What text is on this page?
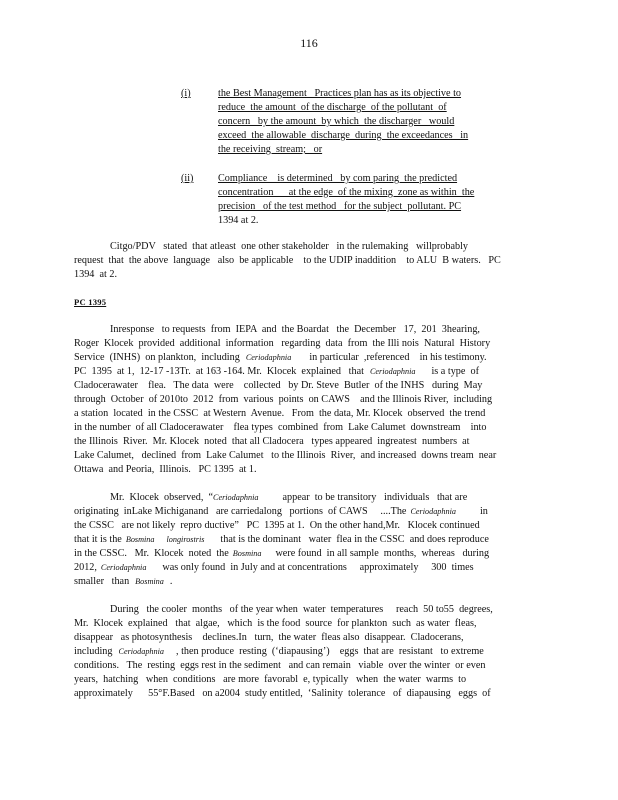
116
(i)	the Best Management   Practices plan has as its objective to
reduce  the amount  of the discharge  of the pollutant  of
concern   by the amount  by which  the discharger   would
exceed  the allowable  discharge  during  the exceedances   in
the receiving  stream;   or
(ii) Compliance    is determined   by com paring  the predicted
concentration      at the edge  of the mixing  zone as within  the
precision   of the test method   for the subject  pollutant. PC
1394 at 2.
Citgo/PDV   stated  that atleast  one other stakeholder   in the rulemaking   willprobably
request  that  the above  language   also  be applicable    to the UDIP inaddition    to ALU  B waters.   PC
1394  at 2.
PC 1395
Inresponse   to requests  from  IEPA  and  the Boardat   the  December   17,  201  3hearing,
Roger  Klocek  provided  additional  information   regarding  data  from  the Illi nois  Natural  History
Service  (INHS)  on plankton,  including Ceriodaphnia in particular  ,referenced    in his testimony.
PC  1395  at 1,  12-17 -13Tr.  at 163 -164. Mr.  Klocek  explained   that Ceriodaphnia is a type  of
Cladocerawater    flea.   The data  were    collected   by Dr. Steve  Butler  of the INHS   during  May
through  October  of 2010to  2012  from  various  points  on CAWS    and the Illinois River,  including
a station  located  in the CSSC  at Western  Avenue.   From  the data, Mr. Klocek  observed  the trend
in the number  of all Cladocerawater    flea types  combined  from  Lake Calumet  downstream    into
the Illinois  River.  Mr. Klocek  noted  that all Cladocera   types appeared  ingreatest  numbers  at
Lake Calumet,   declined  from  Lake Calumet   to the Illinois  River,  and increased  downs tream  near
Ottawa  and Peoria,  Illinois.   PC 1395  at 1.
Mr.  Klocek  observed,  “Ceriodaphnia appear  to be transitory   individuals   that are
originating  inLake Michiganand   are carriedalong   portions  of CAWS     ....The Ceriodaphnia in
the CSSC   are not likely  repro ductive”   PC  1395 at 1.  On the other hand,Mr.   Klocek continued
that it is the Bosmina longirostris that is the dominant   water  flea in the CSSC  and does reproduce
in the CSSC.   Mr.  Klocek  noted  the Bosmina were found  in all sample  months,  whereas   during
2012, Ceriodaphnia was only found  in July and at concentrations     approximately     300  times
smaller   than Bosmina .
During   the cooler  months   of the year when  water  temperatures     reach  50 to55  degrees,
Mr.  Klocek  explained   that  algae,   which  is the food  source  for plankton  such  as water  fleas,
disappear   as photosynthesis    declines.In   turn,  the water  fleas also  disappear.  Cladocerans,
including Ceriodaphnia , then produce  resting  (‘diapausing’)    eggs  that are  resistant   to extreme
conditions.   The  resting  eggs rest in the sediment   and can remain   viable  over the winter  or even
years,  hatching   when  conditions   are more  favorabl  e, typically   when  the water  warms  to
approximately      55°F.Based   on a2004  study entitled,  ‘Salinity  tolerance   of  diapausing   eggs  of
